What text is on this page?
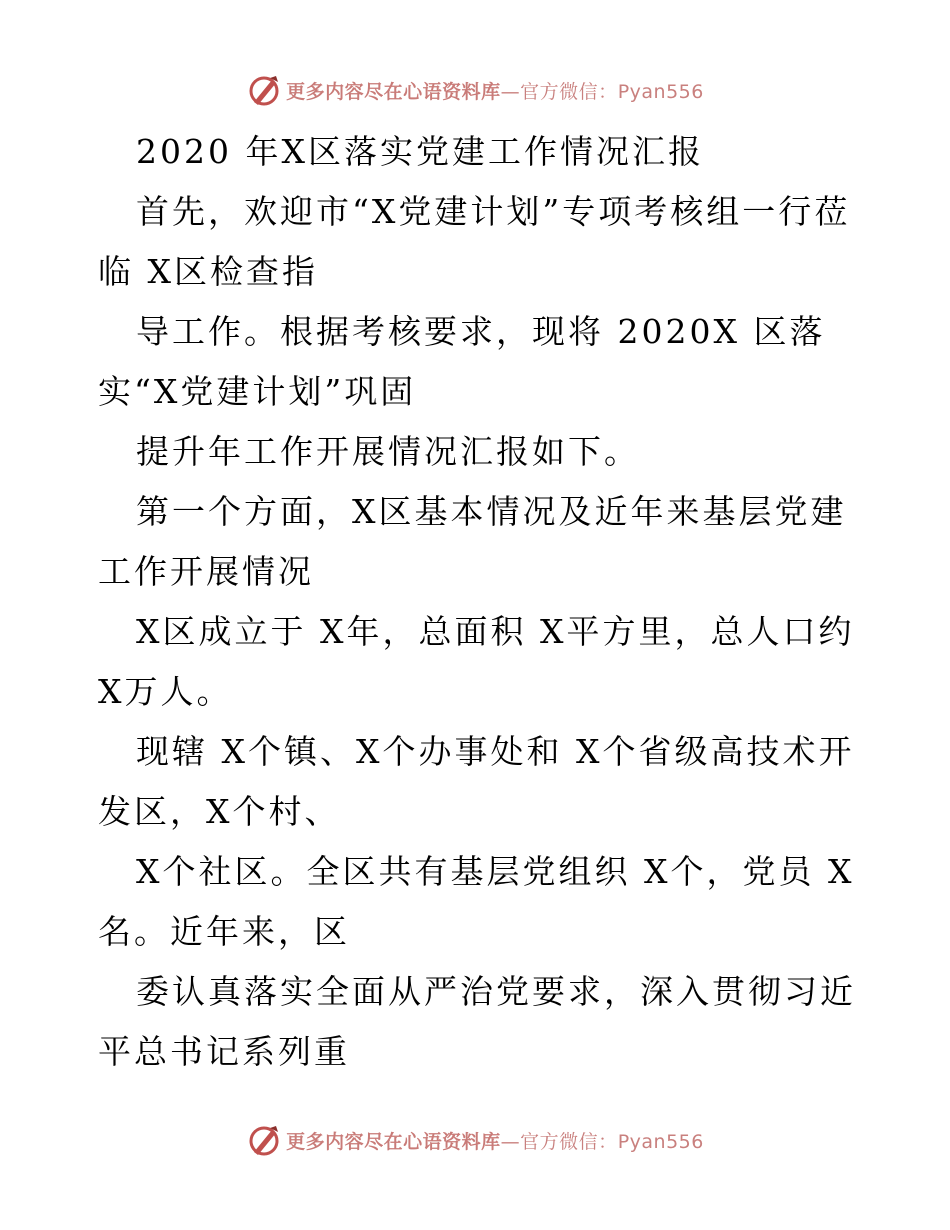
更多内容尽在心语资料库—官方微信：Pyan556

2020 年X区落实党建工作情况汇报

首先，欢迎市“X党建计划”专项考核组一行莅临 X区检查指

导工作。根据考核要求，现将 2020X 区落实“X党建计划”巩固

提升年工作开展情况汇报如下。

第一个方面，X区基本情况及近年来基层党建工作开展情况

X区成立于 X年，总面积 X平方里，总人口约 X万人。

现辖 X个镇、X个办事处和 X个省级高技术开发区，X个村、

X个社区。全区共有基层党组织 X个，党员 X名。近年来，区

委认真落实全面从严治党要求，深入贯彻习近平总书记系列重

更多内容尽在心语资料库—官方微信：Pyan556
